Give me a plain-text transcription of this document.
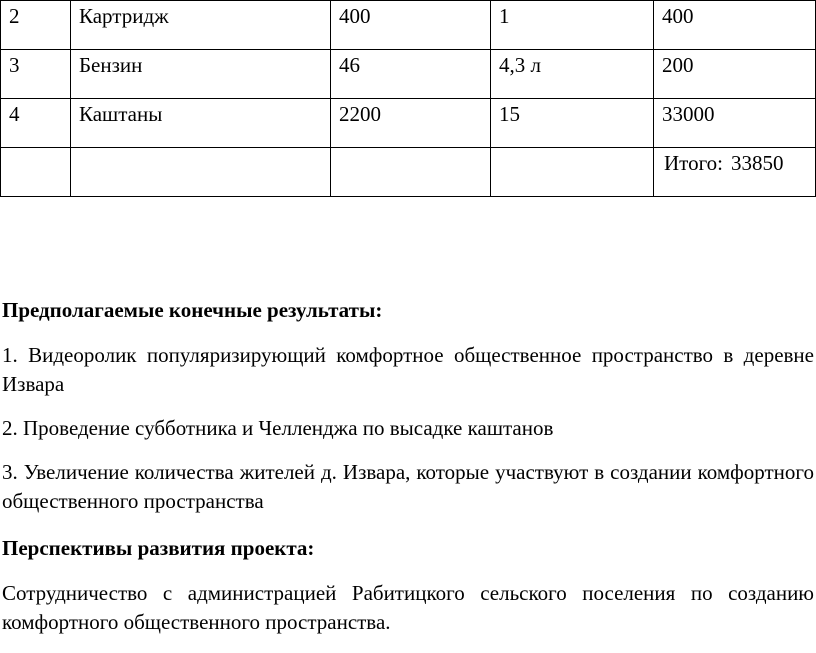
2	Картридж	400	1	400
3	Бензин	46	4,3 л	200
4	Каштаны	2200	15	33000
				Итого: 33850

Предполагаемые конечные результаты:

1. Видеоролик популяризирующий комфортное общественное пространство в деревне Извара

2. Проведение субботника и Челленджа по высадке каштанов

3. Увеличение количества жителей д. Извара, которые участвуют в создании комфортного общественного пространства

Перспективы развития проекта:

Сотрудничество с администрацией Рабитицкого сельского поселения по созданию комфортного общественного пространства.
